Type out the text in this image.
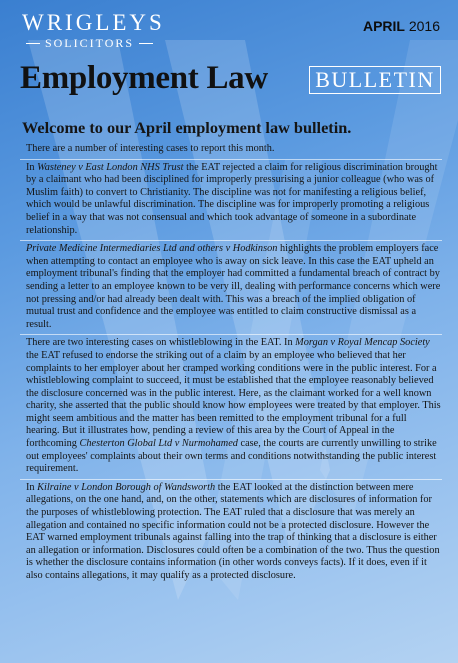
WRIGLEYS
SOLICITORS
APRIL 2016
Employment Law BULLETIN
Welcome to our April employment law bulletin.

There are a number of interesting cases to report this month.

In Wasteney v East London NHS Trust the EAT rejected a claim for religious discrimination brought by a claimant who had been disciplined for improperly pressurising a junior colleague (who was of Muslim faith) to convert to Christianity. The discipline was not for manifesting a religious belief, which would be unlawful discrimination. The discipline was for improperly promoting a religious belief in a way that was not consensual and which took advantage of someone in a subordinate relationship.

Private Medicine Intermediaries Ltd and others v Hodkinson highlights the problem employers face when attempting to contact an employee who is away on sick leave. In this case the EAT upheld an employment tribunal's finding that the employer had committed a fundamental breach of contract by sending a letter to an employee known to be very ill, dealing with performance concerns which were not pressing and/or had already been dealt with. This was a breach of the implied obligation of mutual trust and confidence and the employee was entitled to claim constructive dismissal as a result.

There are two interesting cases on whistleblowing in the EAT. In Morgan v Royal Mencap Society the EAT refused to endorse the striking out of a claim by an employee who believed that her complaints to her employer about her cramped working conditions were in the public interest. For a whistleblowing complaint to succeed, it must be established that the employee reasonably believed the disclosure concerned was in the public interest. Here, as the claimant worked for a well known charity, she asserted that the public should know how employees were treated by that employer. This might seem ambitious and the matter has been remitted to the employment tribunal for a full hearing. But it illustrates how, pending a review of this area by the Court of Appeal in the forthcoming Chesterton Global Ltd v Nurmohamed case, the courts are currently unwilling to strike out employees' complaints about their own terms and conditions notwithstanding the public interest requirement.

In Kilraine v London Borough of Wandsworth the EAT looked at the distinction between mere allegations, on the one hand, and, on the other, statements which are disclosures of information for the purposes of whistleblowing protection. The EAT ruled that a disclosure that was merely an allegation and contained no specific information could not be a protected disclosure. However the EAT warned employment tribunals against falling into the trap of thinking that a disclosure is either an allegation or information. Disclosures could often be a combination of the two. Thus the question is whether the disclosure contains information (in other words conveys facts). If it does, even if it also contains allegations, it may qualify as a protected disclosure.
